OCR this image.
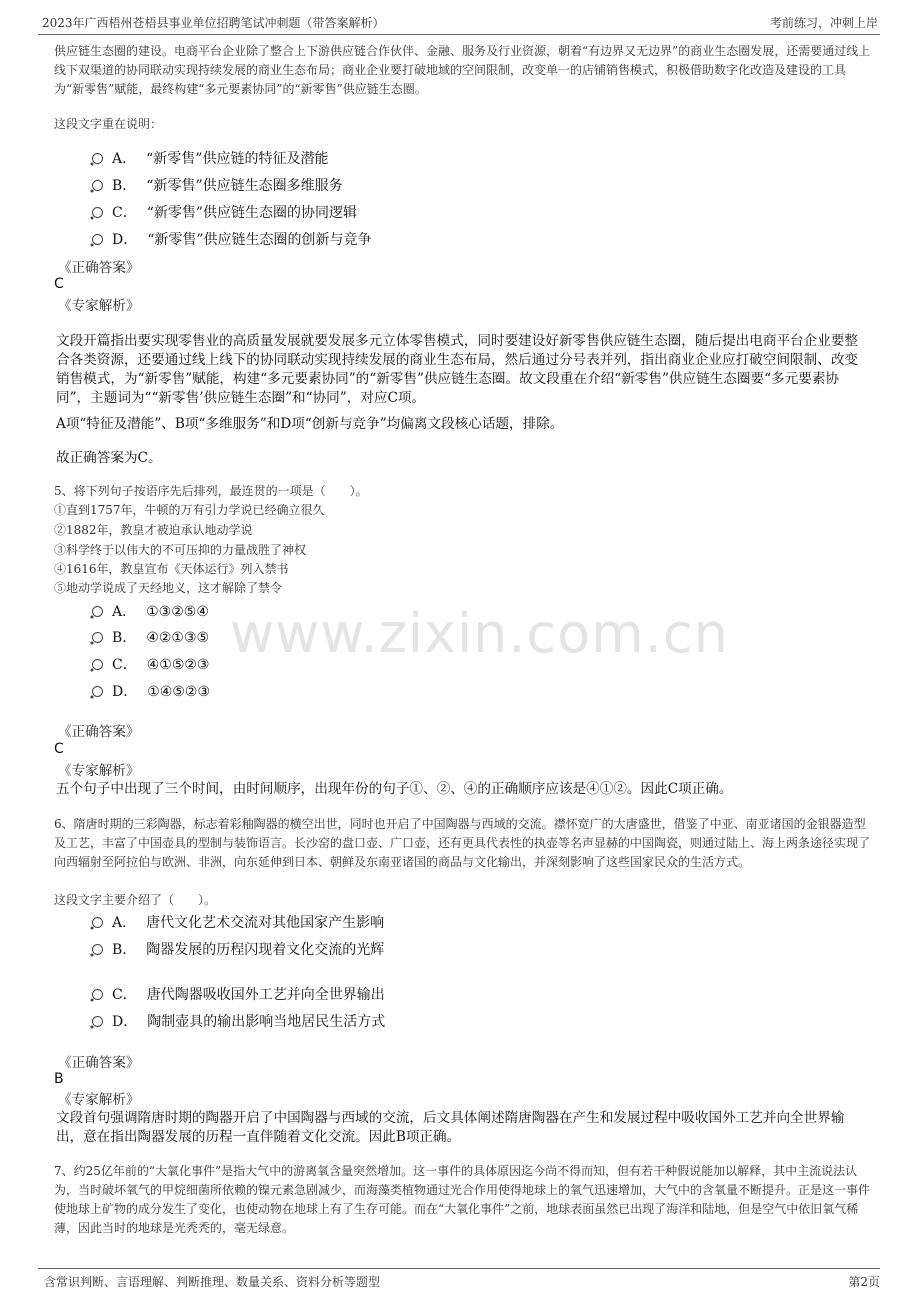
2023年广西梧州苍梧县事业单位招聘笔试冲刺题（带答案解析）	考前练习，冲刺上岸
www.zixin.com.cn

供应链生态圈的建设。电商平台企业除了整合上下游供应链合作伙伴、金融、服务及行业资源，朝着“有边界又无边界”的商业生态圈发展，还需要通过线上线下双渠道的协同联动实现持续发展的商业生态布局；商业企业要打破地域的空间限制，改变单一的店铺销售模式，积极借助数字化改造及建设的工具为“新零售”赋能，最终构建“多元要素协同”的“新零售”供应链生态圈。

这段文字重在说明：

A． “新零售”供应链的特征及潜能
B． “新零售”供应链生态圈多维服务
C． “新零售”供应链生态圈的协同逻辑
D． “新零售”供应链生态圈的创新与竞争
《正确答案》
C
《专家解析》

文段开篇指出要实现零售业的高质量发展就要发展多元立体零售模式，同时要建设好新零售供应链生态圈，随后提出电商平台企业要整合各类资源，还要通过线上线下的协同联动实现持续发展的商业生态布局，然后通过分号表并列，指出商业企业应打破空间限制、改变销售模式，为“新零售”赋能，构建“多元要素协同”的“新零售”供应链生态圈。故文段重在介绍“新零售”供应链生态圈要“多元要素协同”，主题词为““新零售’供应链生态圈”和“协同”，对应C项。

A项“特征及潜能”、B项“多维服务”和D项“创新与竞争”均偏离文段核心话题，排除。

故正确答案为C。

5、将下列句子按语序先后排列，最连贯的一项是（　　）。

①直到1757年，牛顿的万有引力学说已经确立很久

②1882年，教皇才被迫承认地动学说

③科学终于以伟大的不可压抑的力量战胜了神权

④1616年，教皇宣布《天体运行》列入禁书

⑤地动学说成了天经地义，这才解除了禁令

A． ①③②⑤④
B． ④②①③⑤
C． ④①⑤②③
D． ①④⑤②③
《正确答案》
C
《专家解析》

五个句子中出现了三个时间，由时间顺序，出现年份的句子①、②、④的正确顺序应该是④①②。因此C项正确。

6、隋唐时期的三彩陶器，标志着彩釉陶器的横空出世，同时也开启了中国陶器与西域的交流。襟怀宽广的大唐盛世，借鉴了中亚、南亚诸国的金银器造型及工艺，丰富了中国壶具的型制与装饰语言。长沙窑的盘口壶、广口壶，还有更具代表性的执壶等名声显赫的中国陶瓷，则通过陆上、海上两条途径实现了向西辐射至阿拉伯与欧洲、非洲，向东延伸到日本、朝鲜及东南亚诸国的商品与文化输出，并深刻影响了这些国家民众的生活方式。

这段文字主要介绍了（　　）。

A． 唐代文化艺术交流对其他国家产生影响
B． 陶器发展的历程闪现着文化交流的光辉
C． 唐代陶器吸收国外工艺并向全世界输出
D． 陶制壶具的输出影响当地居民生活方式
《正确答案》
B
《专家解析》

文段首句强调隋唐时期的陶器开启了中国陶器与西域的交流，后文具体阐述隋唐陶器在产生和发展过程中吸收国外工艺并向全世界输出，意在指出陶器发展的历程一直伴随着文化交流。因此B项正确。

7、约25亿年前的“大氧化事件”是指大气中的游离氧含量突然增加。这一事件的具体原因迄今尚不得而知，但有若干种假说能加以解释，其中主流说法认为，当时破坏氧气的甲烷细菌所依赖的镍元素急剧减少，而海藻类植物通过光合作用使得地球上的氧气迅速增加，大气中的含氧量不断提升。正是这一事件使地球上矿物的成分发生了变化，也使动物在地球上有了生存可能。而在“大氧化事件”之前，地球表面虽然已出现了海洋和陆地，但是空气中依旧氧气稀薄，因此当时的地球是光秃秃的，毫无绿意。

含常识判断、言语理解、判断推理、数量关系、资料分析等题型	第2页
